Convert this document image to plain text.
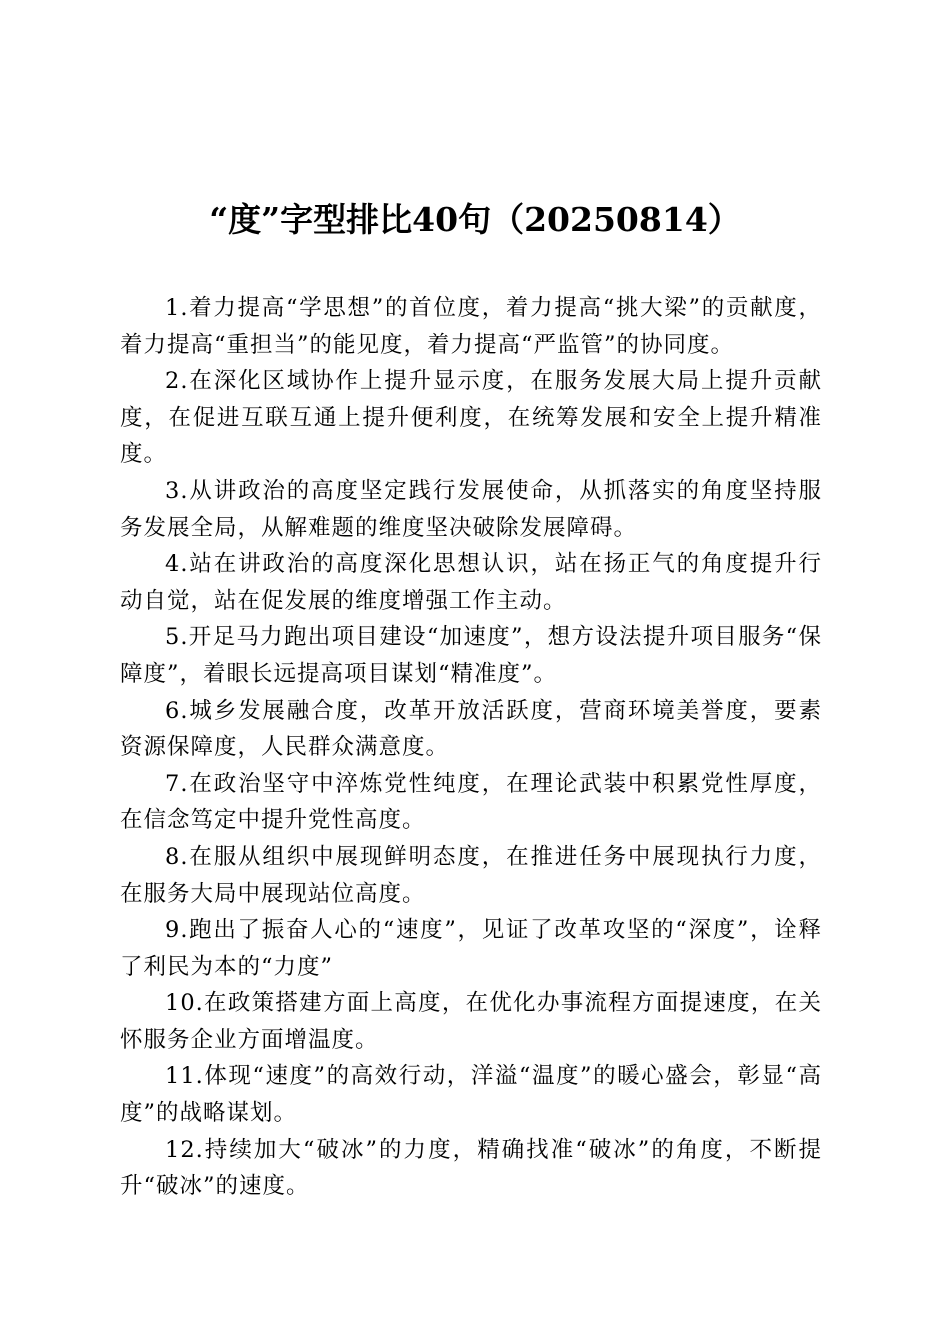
“度”字型排比40句（20250814）

1.着力提高“学思想”的首位度，着力提高“挑大梁”的贡献度，着力提高“重担当”的能见度，着力提高“严监管”的协同度。

2.在深化区域协作上提升显示度，在服务发展大局上提升贡献度，在促进互联互通上提升便利度，在统筹发展和安全上提升精准度。

3.从讲政治的高度坚定践行发展使命，从抓落实的角度坚持服务发展全局，从解难题的维度坚决破除发展障碍。

4.站在讲政治的高度深化思想认识，站在扬正气的角度提升行动自觉，站在促发展的维度增强工作主动。

5.开足马力跑出项目建设“加速度”，想方设法提升项目服务“保障度”，着眼长远提高项目谋划“精准度”。

6.城乡发展融合度，改革开放活跃度，营商环境美誉度，要素资源保障度，人民群众满意度。

7.在政治坚守中淬炼党性纯度，在理论武装中积累党性厚度，在信念笃定中提升党性高度。

8.在服从组织中展现鲜明态度，在推进任务中展现执行力度，在服务大局中展现站位高度。

9.跑出了振奋人心的“速度”，见证了改革攻坚的“深度”，诠释了利民为本的“力度”

10.在政策搭建方面上高度，在优化办事流程方面提速度，在关怀服务企业方面增温度。

11.体现“速度”的高效行动，洋溢“温度”的暖心盛会，彰显“高度”的战略谋划。

12.持续加大“破冰”的力度，精确找准“破冰”的角度，不断提升“破冰”的速度。
